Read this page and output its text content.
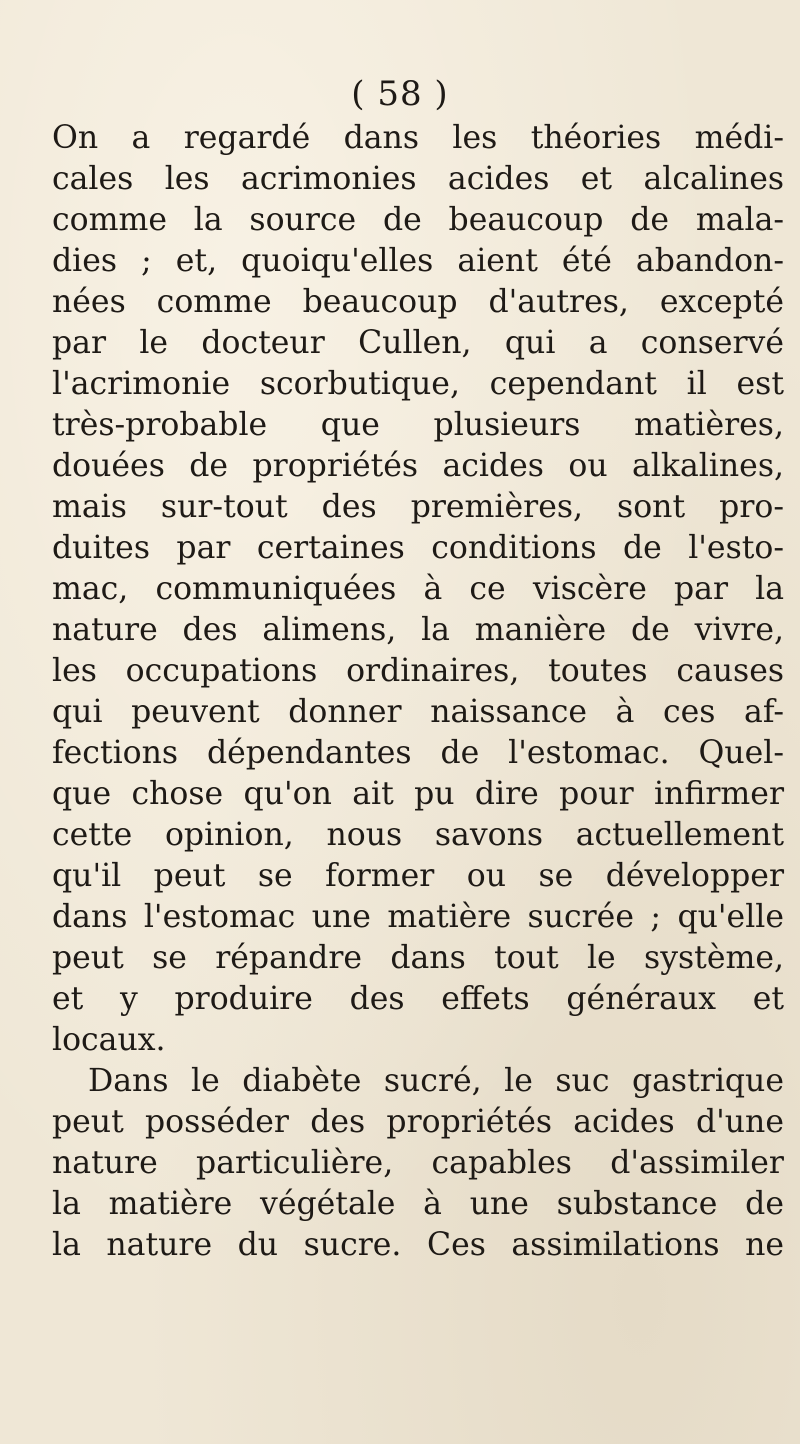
( 58 )
On a regardé dans les théories médi-
cales les acrimonies acides et alcalines
comme la source de beaucoup de mala-
dies ; et, quoiqu'elles aient été abandon-
nées comme beaucoup d'autres, excepté
par le docteur Cullen, qui a conservé
l'acrimonie scorbutique, cependant il est
très-probable que plusieurs matières,
douées de propriétés acides ou alkalines,
mais sur-tout des premières, sont pro-
duites par certaines conditions de l'esto-
mac, communiquées à ce viscère par la
nature des alimens, la manière de vivre,
les occupations ordinaires, toutes causes
qui peuvent donner naissance à ces af-
fections dépendantes de l'estomac. Quel-
que chose qu'on ait pu dire pour infirmer
cette opinion, nous savons actuellement
qu'il peut se former ou se développer
dans l'estomac une matière sucrée ; qu'elle
peut se répandre dans tout le système,
et y produire des effets généraux et
locaux.
Dans le diabète sucré, le suc gastrique
peut posséder des propriétés acides d'une
nature particulière, capables d'assimiler
la matière végétale à une substance de
la nature du sucre. Ces assimilations ne
